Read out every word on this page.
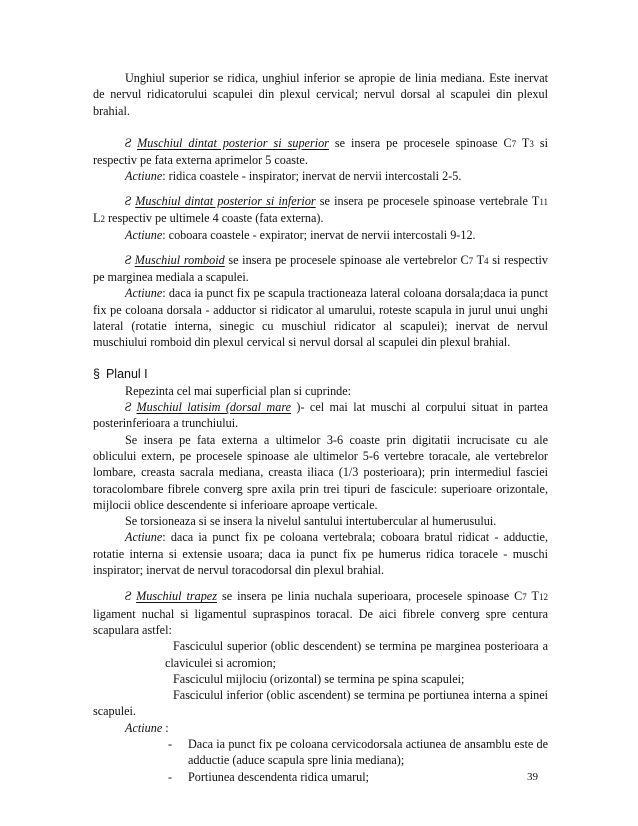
Unghiul superior se ridica, unghiul inferior se apropie de linia mediana. Este inervat de nervul ridicatorului scapulei din plexul cervical; nervul dorsal al scapulei din plexul brahial.

Ƨ Muschiul dintat posterior si superior se insera pe procesele spinoase C7 T3 si respectiv pe fata externa aprimelor 5 coaste.

Actiune: ridica coastele - inspirator; inervat de nervii intercostali 2-5.

Ƨ Muschiul dintat posterior si inferior se insera pe procesele spinoase vertebrale T11 L2 respectiv pe ultimele 4 coaste (fata externa).

Actiune: coboara coastele - expirator; inervat de nervii intercostali 9-12.

Ƨ Muschiul romboid se insera pe procesele spinoase ale vertebrelor C7 T4 si respectiv pe marginea mediala a scapulei.

Actiune: daca ia punct fix pe scapula tractioneaza lateral coloana dorsala;daca ia punct fix pe coloana dorsala - adductor si ridicator al umarului, roteste scapula in jurul unui unghi lateral (rotatie interna, sinegic cu muschiul ridicator al scapulei); inervat de nervul muschiului romboid din plexul cervical si nervul dorsal al scapulei din plexul brahial.

§ Planul I

Repezinta cel mai superficial plan si cuprinde:

Ƨ Muschiul latisim (dorsal mare )- cel mai lat muschi al corpului situat in partea posterinferioara a trunchiului.

Se insera pe fata externa a ultimelor 3-6 coaste prin digitatii incrucisate cu ale oblicului extern, pe procesele spinoase ale ultimelor 5-6 vertebre toracale, ale vertebrelor lombare, creasta sacrala mediana, creasta iliaca (1/3 posterioara); prin intermediul fasciei toracolombare fibrele converg spre axila prin trei tipuri de fascicule: superioare orizontale, mijlocii oblice descendente si inferioare aproape verticale.

Se torsioneaza si se insera la nivelul santului intertubercular al humerusului.

Actiune: daca ia punct fix pe coloana vertebrala; coboara bratul ridicat - adductie, rotatie interna si extensie usoara; daca ia punct fix pe humerus ridica toracele - muschi inspirator; inervat de nervul toracodorsal din plexul brahial.

Ƨ Muschiul trapez se insera pe linia nuchala superioara, procesele spinoase C7 T12 ligament nuchal si ligamentul supraspinos toracal. De aici fibrele converg spre centura scapulara astfel:

Fasciculul superior (oblic descendent) se termina pe marginea posterioara a claviculei si acromion;

Fasciculul mijlociu (orizontal) se termina pe spina scapulei;

Fasciculul inferior (oblic ascendent) se termina pe portiunea interna a spinei scapulei.

Actiune :

-	Daca ia punct fix pe coloana cervicodorsala actiunea de ansamblu este de adductie (aduce scapula spre linia mediana);
-	Portiunea descendenta ridica umarul;	39
